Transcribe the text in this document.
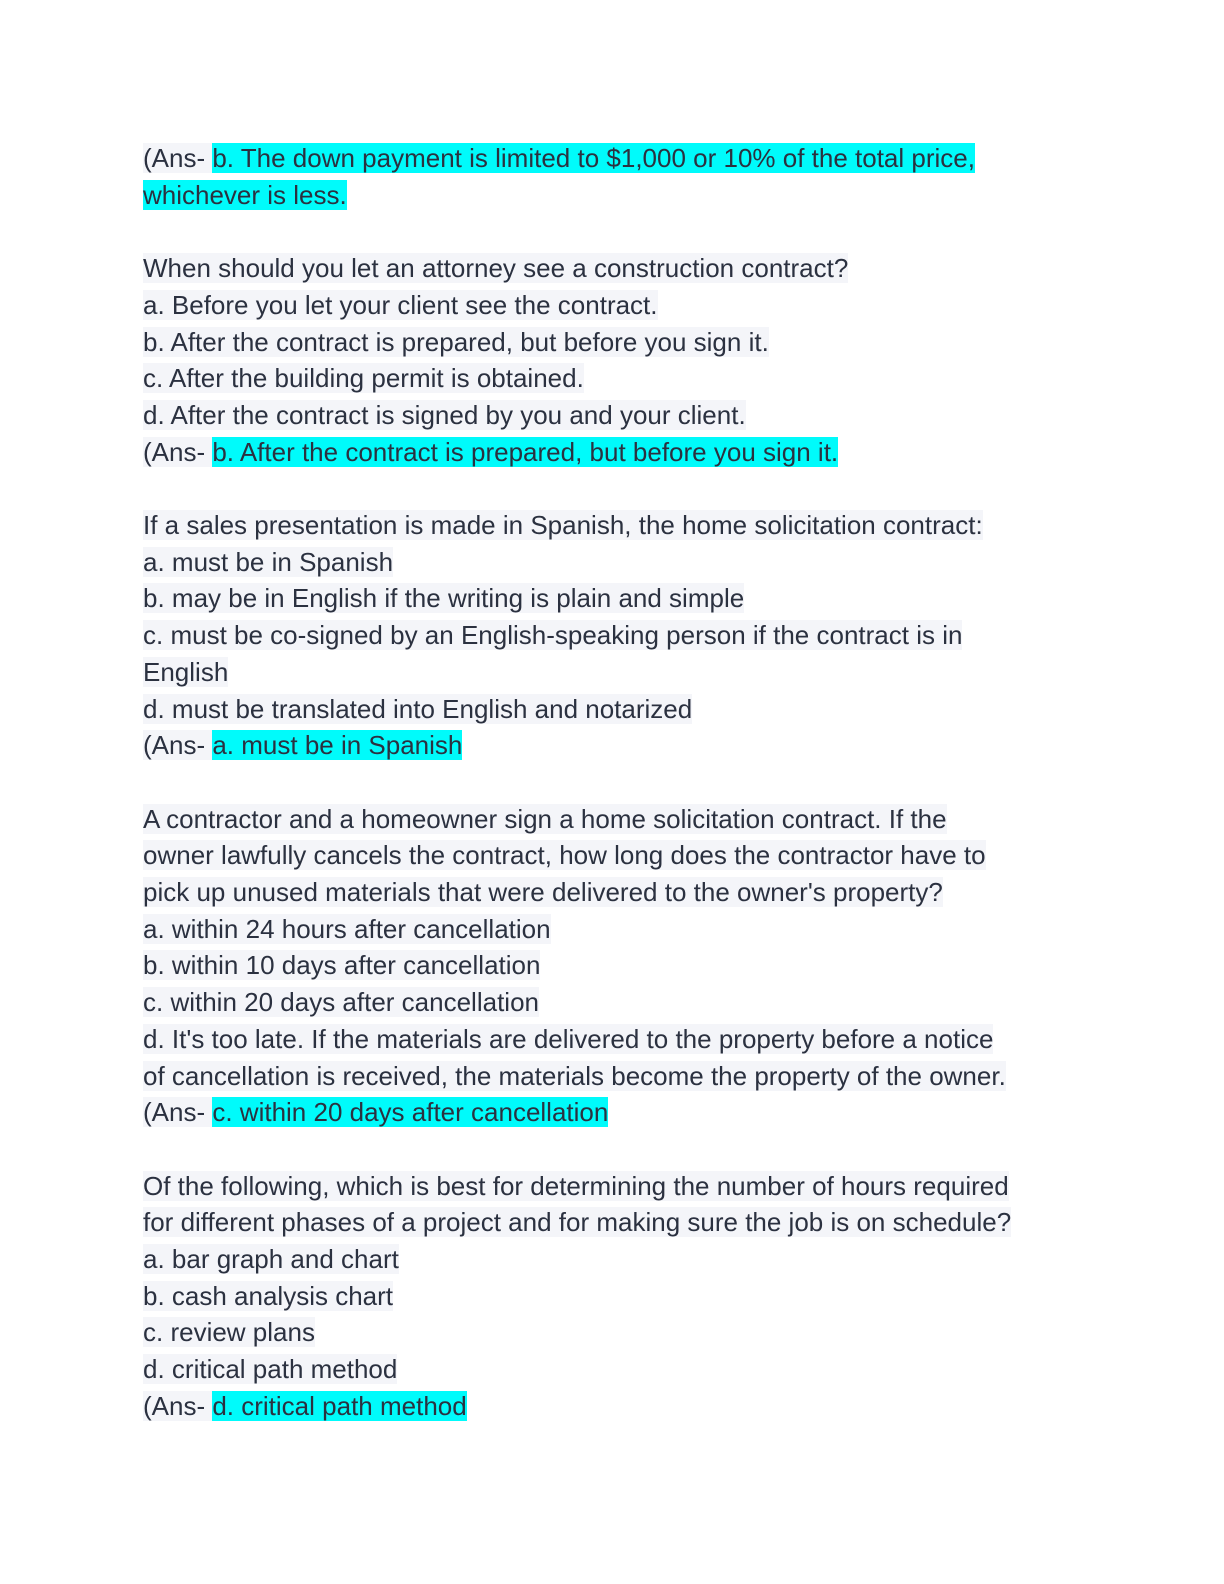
(Ans- b. The down payment is limited to $1,000 or 10% of the total price,
whichever is less.
When should you let an attorney see a construction contract?
a. Before you let your client see the contract.
b. After the contract is prepared, but before you sign it.
c. After the building permit is obtained.
d. After the contract is signed by you and your client.
(Ans- b. After the contract is prepared, but before you sign it.
If a sales presentation is made in Spanish, the home solicitation contract:
a. must be in Spanish
b. may be in English if the writing is plain and simple
c. must be co-signed by an English-speaking person if the contract is in
English
d. must be translated into English and notarized
(Ans- a. must be in Spanish
A contractor and a homeowner sign a home solicitation contract. If the
owner lawfully cancels the contract, how long does the contractor have to
pick up unused materials that were delivered to the owner's property?
a. within 24 hours after cancellation
b. within 10 days after cancellation
c. within 20 days after cancellation
d. It's too late. If the materials are delivered to the property before a notice
of cancellation is received, the materials become the property of the owner.
(Ans- c. within 20 days after cancellation
Of the following, which is best for determining the number of hours required
for different phases of a project and for making sure the job is on schedule?
a. bar graph and chart
b. cash analysis chart
c. review plans
d. critical path method
(Ans- d. critical path method
